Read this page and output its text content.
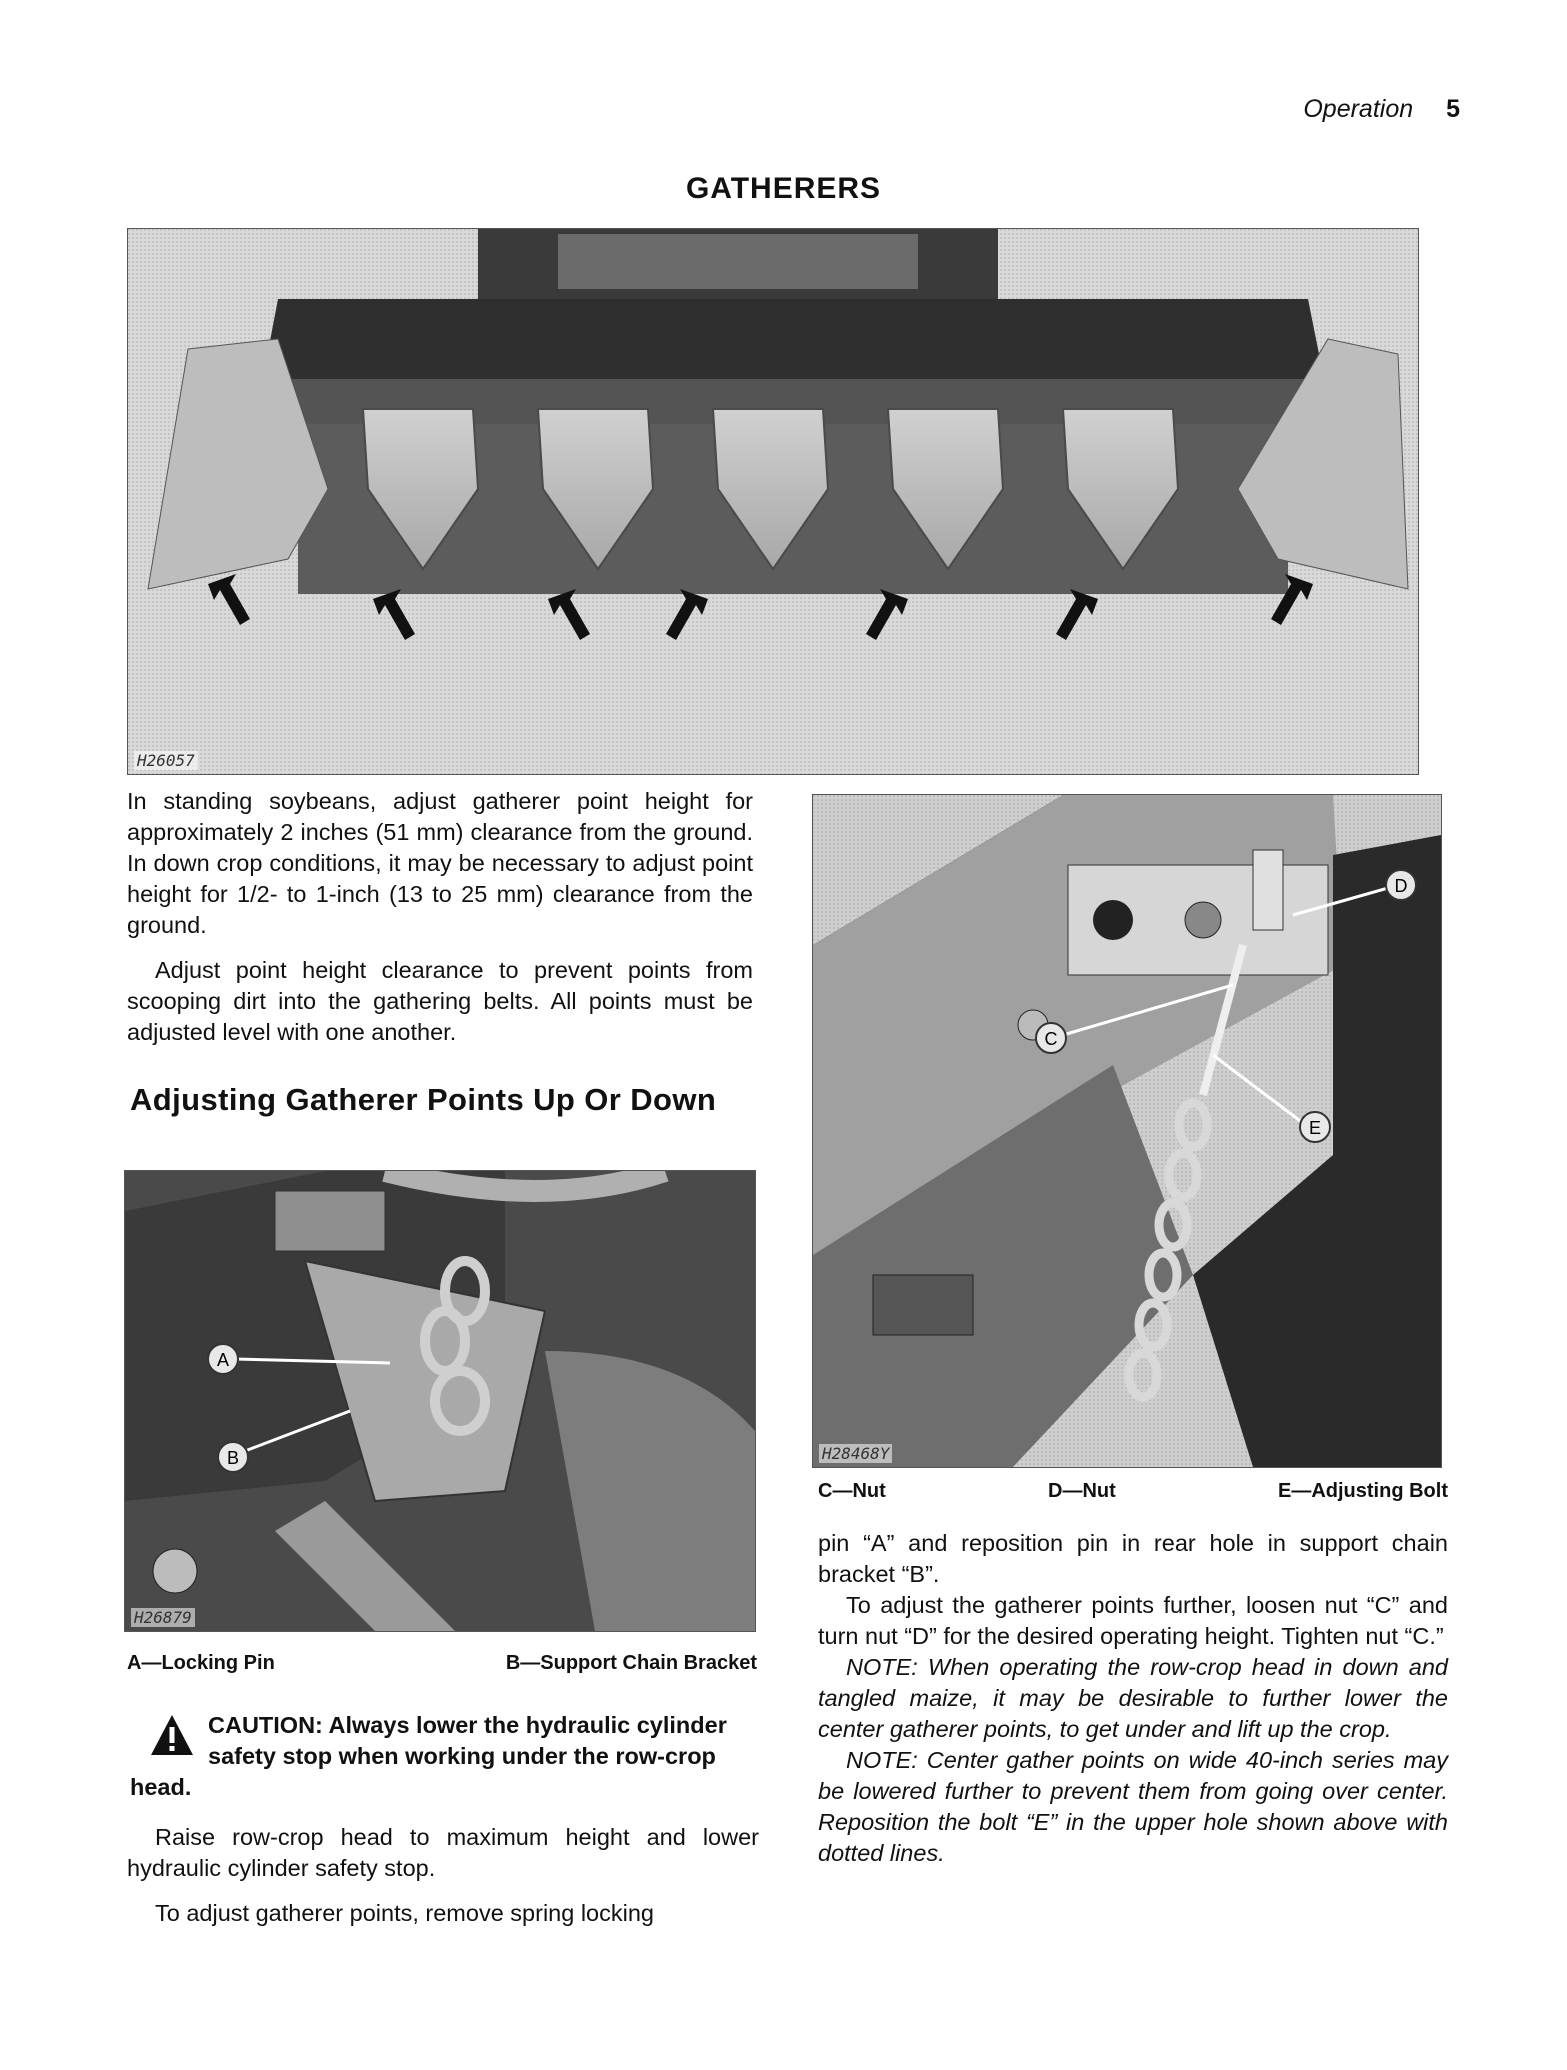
Operation 5
GATHERERS
H26057

In standing soybeans, adjust gatherer point height for approximately 2 inches (51 mm) clearance from the ground. In down crop conditions, it may be necessary to adjust point height for 1/2- to 1-inch (13 to 25 mm) clearance from the ground.

Adjust point height clearance to prevent points from scooping dirt into the gathering belts. All points must be adjusted level with one another.

Adjusting Gatherer Points Up Or Down
A
B
H26879
A—Locking Pin	B—Support Chain Bracket
CAUTION: Always lower the hydraulic cylinder safety stop when working under the row-crop head.

Raise row-crop head to maximum height and lower hydraulic cylinder safety stop.

To adjust gatherer points, remove spring locking

C
D
E
H28468Y
C—Nut	D—Nut	E—Adjusting Bolt

pin “A” and reposition pin in rear hole in support chain bracket “B”.

To adjust the gatherer points further, loosen nut “C” and turn nut “D” for the desired operating height. Tighten nut “C.”

NOTE: When operating the row-crop head in down and tangled maize, it may be desirable to further lower the center gatherer points, to get under and lift up the crop.

NOTE: Center gather points on wide 40-inch series may be lowered further to prevent them from going over center. Reposition the bolt “E” in the upper hole shown above with dotted lines.
